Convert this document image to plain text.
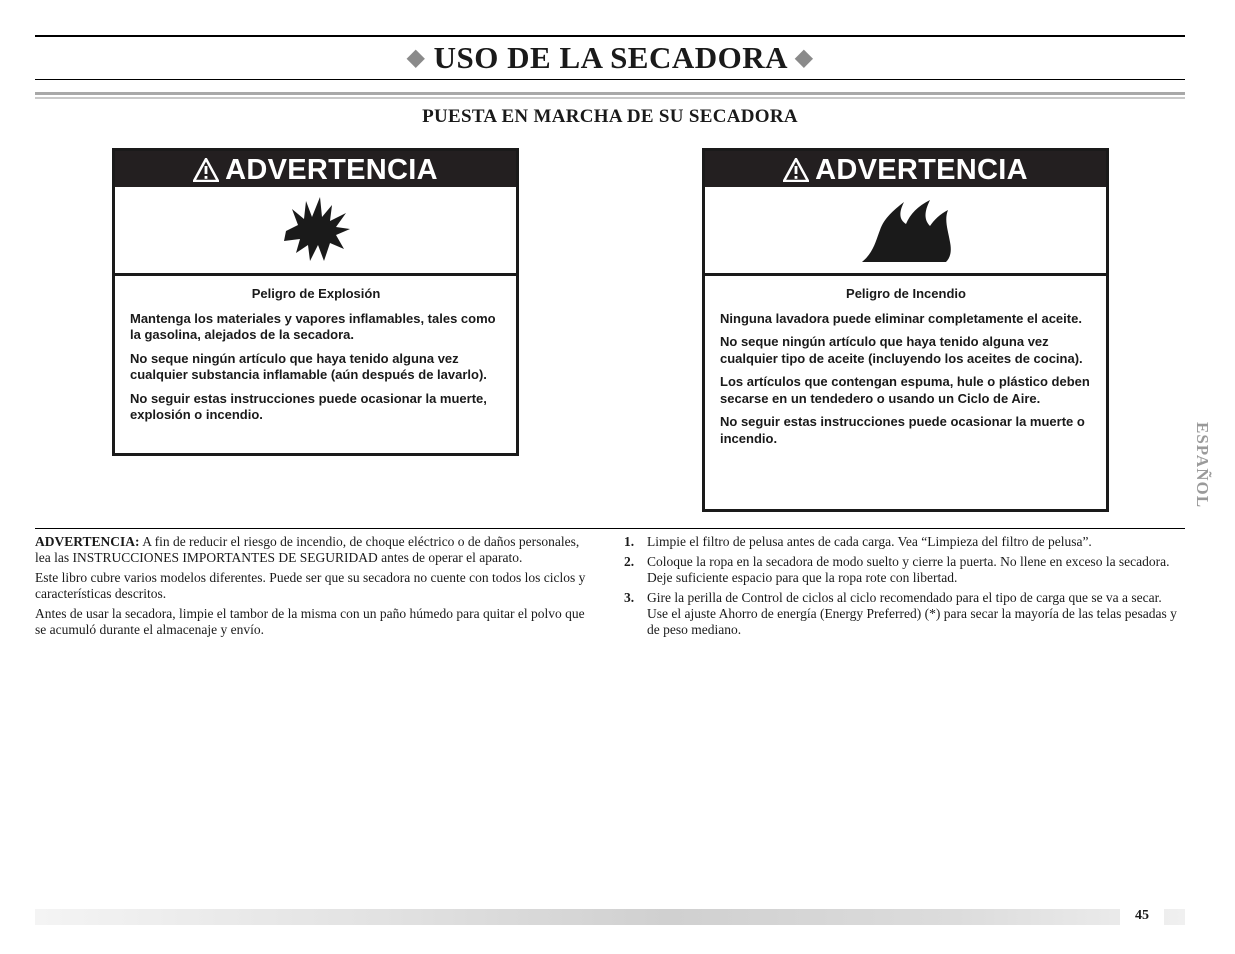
◆ USO DE LA SECADORA ◆
PUESTA EN MARCHA DE SU SECADORA
ADVERTENCIA

Peligro de Explosión

Mantenga los materiales y vapores inflamables, tales como la gasolina, alejados de la secadora.

No seque ningún artículo que haya tenido alguna vez cualquier substancia inflamable (aún después de lavarlo).

No seguir estas instrucciones puede ocasionar la muerte, explosión o incendio.

ADVERTENCIA

Peligro de Incendio

Ninguna lavadora puede eliminar completamente el aceite.

No seque ningún artículo que haya tenido alguna vez cualquier tipo de aceite (incluyendo los aceites de cocina).

Los artículos que contengan espuma, hule o plástico deben secarse en un tendedero o usando un Ciclo de Aire.

No seguir estas instrucciones puede ocasionar la muerte o incendio.	ESPAÑOL

ADVERTENCIA: A fin de reducir el riesgo de incendio, de choque eléctrico o de daños personales, lea las INSTRUCCIONES IMPORTANTES DE SEGURIDAD antes de operar el aparato.

Este libro cubre varios modelos diferentes. Puede ser que su secadora no cuente con todos los ciclos y características descritos.

Antes de usar la secadora, limpie el tambor de la misma con un paño húmedo para quitar el polvo que se acumuló durante el almacenaje y envío.

1. Limpie el filtro de pelusa antes de cada carga. Vea “Limpieza del filtro de pelusa”.
2. Coloque la ropa en la secadora de modo suelto y cierre la puerta. No llene en exceso la secadora. Deje suficiente espacio para que la ropa rote con libertad.
3. Gire la perilla de Control de ciclos al ciclo recomendado para el tipo de carga que se va a secar. Use el ajuste Ahorro de energía (Energy Preferred) (*) para secar la mayoría de las telas pesadas y de peso mediano.
45
